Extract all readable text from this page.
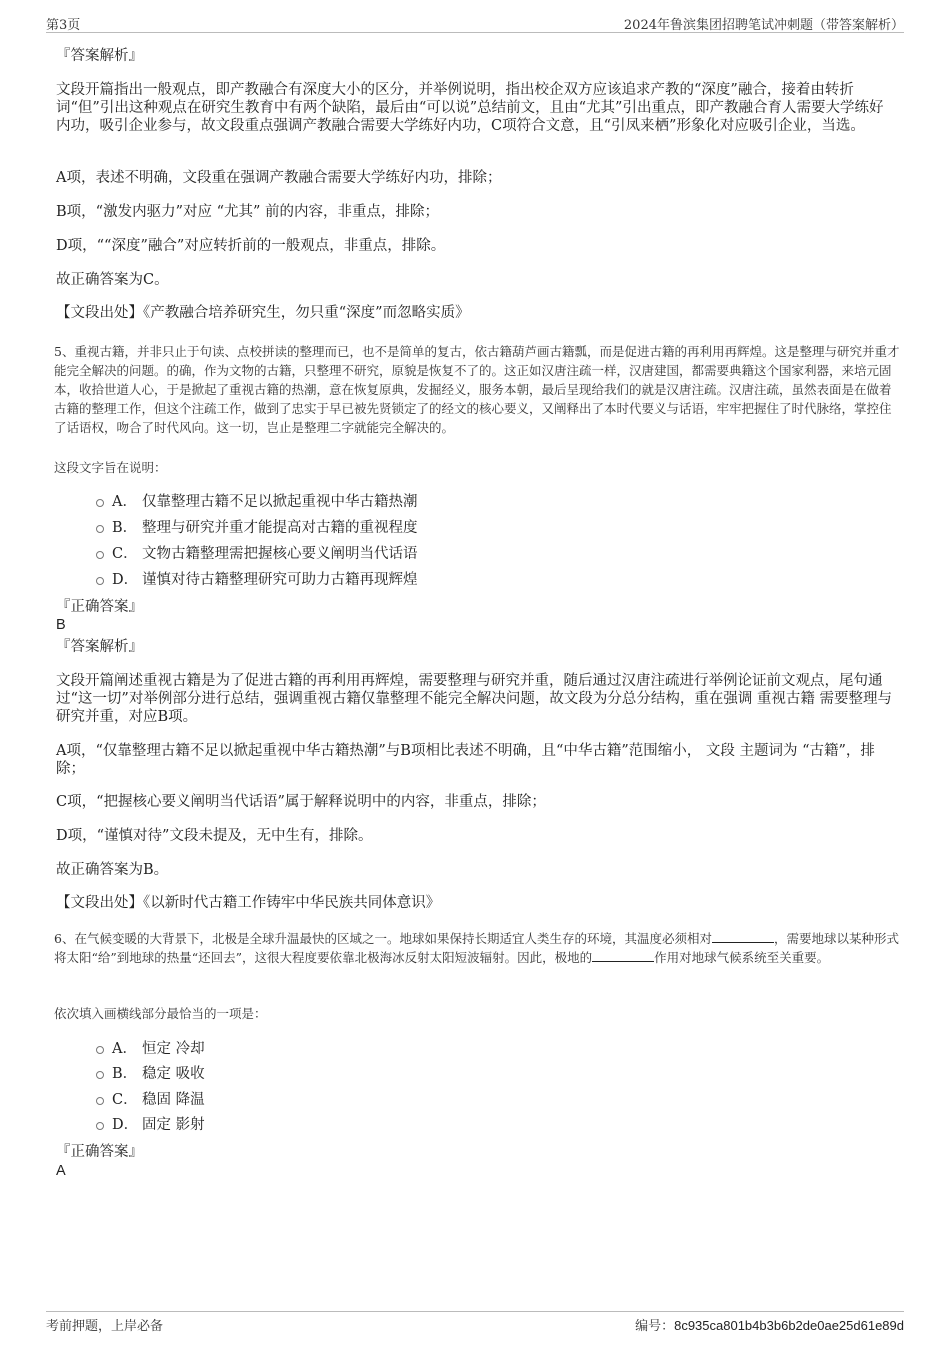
第3页	2024年鲁滨集团招聘笔试冲刺题（带答案解析）
『答案解析』
文段开篇指出一般观点，即产教融合有深度大小的区分，并举例说明，指出校企双方应该追求产教的“深度”融合，接着由转折词“但”引出这种观点在研究生教育中有两个缺陷，最后由“可以说”总结前文，且由“尤其”引出重点，即产教融合育人需要大学练好内功，吸引企业参与，故文段重点强调产教融合需要大学练好内功，C项符合文意，且“引凤来栖”形象化对应吸引企业，当选。
A项，表述不明确，文段重在强调产教融合需要大学练好内功，排除；
B项，“激发内驱力”对应 “尤其” 前的内容，非重点，排除；
D项，““深度”融合”对应转折前的一般观点，非重点，排除。
故正确答案为C。
【文段出处】《产教融合培养研究生，勿只重“深度”而忽略实质》
5、重视古籍，并非只止于句读、点校拼读的整理而已，也不是简单的复古，依古籍葫芦画古籍瓢，而是促进古籍的再利用再辉煌。这是整理与研究并重才能完全解决的问题。的确，作为文物的古籍，只整理不研究，原貌是恢复不了的。这正如汉唐注疏一样，汉唐建国，都需要典籍这个国家利器，来培元固本，收拾世道人心，于是掀起了重视古籍的热潮，意在恢复原典，发掘经义，服务本朝，最后呈现给我们的就是汉唐注疏。汉唐注疏，虽然表面是在做着古籍的整理工作，但这个注疏工作，做到了忠实于早已被先贤锁定了的经文的核心要义，又阐释出了本时代要义与话语，牢牢把握住了时代脉络，掌控住了话语权，吻合了时代风向。这一切，岂止是整理二字就能完全解决的。
这段文字旨在说明：
A． 仅靠整理古籍不足以掀起重视中华古籍热潮
B． 整理与研究并重才能提高对古籍的重视程度
C． 文物古籍整理需把握核心要义阐明当代话语
D． 谨慎对待古籍整理研究可助力古籍再现辉煌
『正确答案』
B
『答案解析』
文段开篇阐述重视古籍是为了促进古籍的再利用再辉煌，需要整理与研究并重，随后通过汉唐注疏进行举例论证前文观点，尾句通过“这一切”对举例部分进行总结，强调重视古籍仅靠整理不能完全解决问题，故文段为分总分结构，重在强调 重视古籍 需要整理与研究并重，对应B项。
A项，“仅靠整理古籍不足以掀起重视中华古籍热潮”与B项相比表述不明确，且“中华古籍”范围缩小， 文段 主题词为 “古籍”，排除；
C项，“把握核心要义阐明当代话语”属于解释说明中的内容，非重点，排除；
D项，“谨慎对待”文段未提及，无中生有，排除。
故正确答案为B。
【文段出处】《以新时代古籍工作铸牢中华民族共同体意识》
6、在气候变暖的大背景下，北极是全球升温最快的区域之一。地球如果保持长期适宜人类生存的环境，其温度必须相对	，需要地球以某种形式将太阳“给”到地球的热量“还回去”，这很大程度要依靠北极海冰反射太阳短波辐射。因此，极地的	作用对地球气候系统至关重要。
依次填入画横线部分最恰当的一项是：
A． 恒定 冷却
B． 稳定 吸收
C． 稳固 降温
D． 固定 影射
『正确答案』
A
考前押题，上岸必备	编号：8c935ca801b4b3b6b2de0ae25d61e89d
